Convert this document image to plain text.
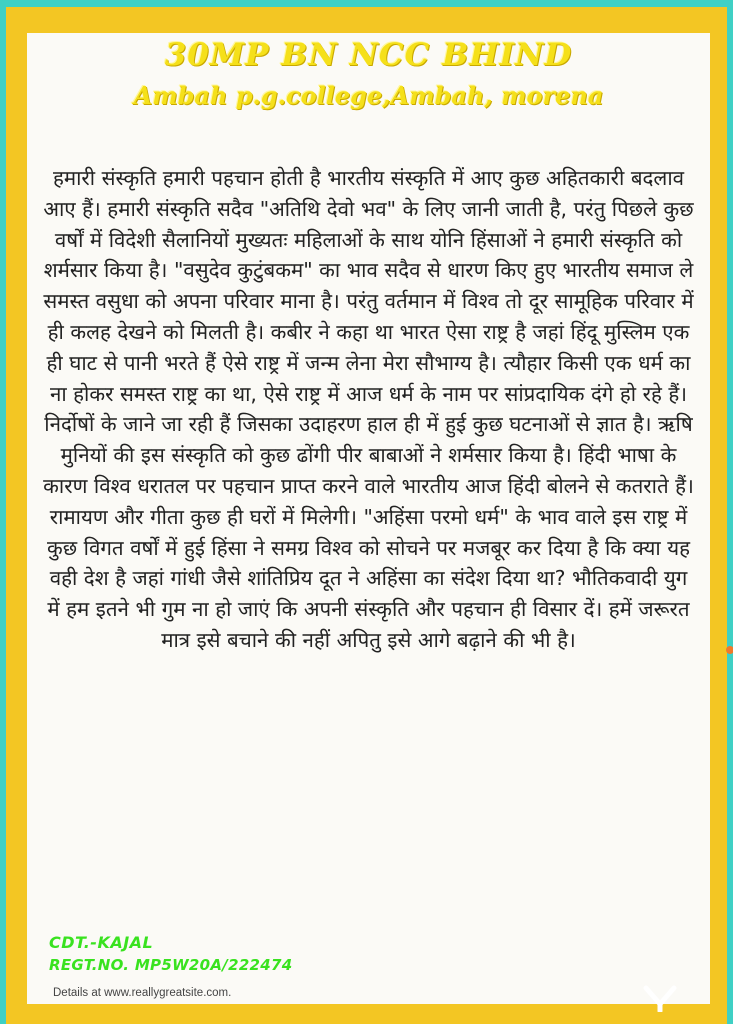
30MP BN NCC BHIND
Ambah p.g.college,Ambah, morena
हमारी संस्कृति हमारी पहचान होती है भारतीय संस्कृति में आए कुछ अहितकारी बदलाव आए हैं। हमारी संस्कृति सदैव "अतिथि देवो भव" के लिए जानी जाती है, परंतु पिछले कुछ वर्षों में विदेशी सैलानियों मुख्यतः महिलाओं के साथ योनि हिंसाओं ने हमारी संस्कृति को शर्मसार किया है। "वसुदेव कुटुंबकम" का भाव सदैव से धारण किए हुए भारतीय समाज ले समस्त वसुधा को अपना परिवार माना है। परंतु वर्तमान में विश्व तो दूर सामूहिक परिवार में ही कलह देखने को मिलती है। कबीर ने कहा था भारत ऐसा राष्ट्र है जहां हिंदू मुस्लिम एक ही घाट से पानी भरते हैं ऐसे राष्ट्र में जन्म लेना मेरा सौभाग्य है। त्यौहार किसी एक धर्म का ना होकर समस्त राष्ट्र का था, ऐसे राष्ट्र में आज धर्म के नाम पर सांप्रदायिक दंगे हो रहे हैं। निर्दोषों के जाने जा रही हैं जिसका उदाहरण हाल ही में हुई कुछ घटनाओं से ज्ञात है। ऋषि मुनियों की इस संस्कृति को कुछ ढोंगी पीर बाबाओं ने शर्मसार किया है। हिंदी भाषा के कारण विश्व धरातल पर पहचान प्राप्त करने वाले भारतीय आज हिंदी बोलने से कतराते हैं। रामायण और गीता कुछ ही घरों में मिलेगी। "अहिंसा परमो धर्म" के भाव वाले इस राष्ट्र में कुछ विगत वर्षों में हुई हिंसा ने समग्र विश्व को सोचने पर मजबूर कर दिया है कि क्या यह वही देश है जहां गांधी जैसे शांतिप्रिय दूत ने अहिंसा का संदेश दिया था? भौतिकवादी युग में हम इतने भी गुम ना हो जाएं कि अपनी संस्कृति और पहचान ही विसार दें। हमें जरूरत मात्र इसे बचाने की नहीं अपितु इसे आगे बढ़ाने की भी है।
CDT.-KAJAL
REGT.NO. MP5W20A/222474
Details at www.reallygreatsite.com.
